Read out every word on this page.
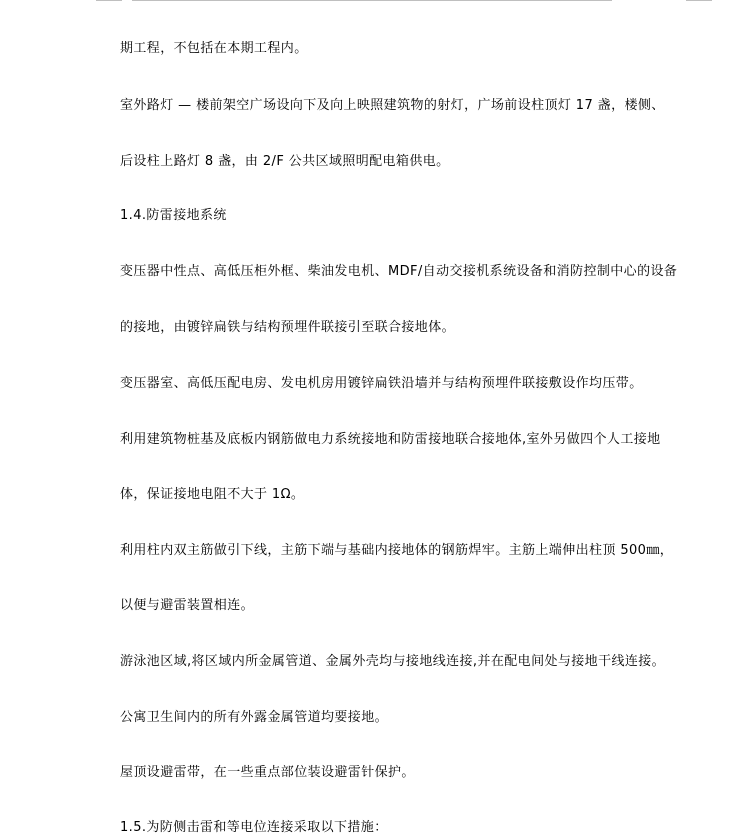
期工程，不包括在本期工程内。
室外路灯 — 楼前架空广场设向下及向上映照建筑物的射灯，广场前设柱顶灯 17 盏，楼侧、
后设柱上路灯 8 盏，由 2/F 公共区域照明配电箱供电。
1.4.防雷接地系统
变压器中性点、高低压柜外框、柴油发电机、MDF/自动交接机系统设备和消防控制中心的设备
的接地，由镀锌扁铁与结构预埋件联接引至联合接地体。
变压器室、高低压配电房、发电机房用镀锌扁铁沿墙并与结构预埋件联接敷设作均压带。
利用建筑物桩基及底板内钢筋做电力系统接地和防雷接地联合接地体,室外另做四个人工接地
体，保证接地电阻不大于 1Ω。
利用柱内双主筋做引下线，主筋下端与基础内接地体的钢筋焊牢。主筋上端伸出柱顶 500㎜，
以便与避雷装置相连。
游泳池区域,将区域内所金属管道、金属外壳均与接地线连接,并在配电间处与接地干线连接。
公寓卫生间内的所有外露金属管道均要接地。
屋顶设避雷带，在一些重点部位装设避雷针保护。
1.5.为防侧击雷和等电位连接采取以下措施：
